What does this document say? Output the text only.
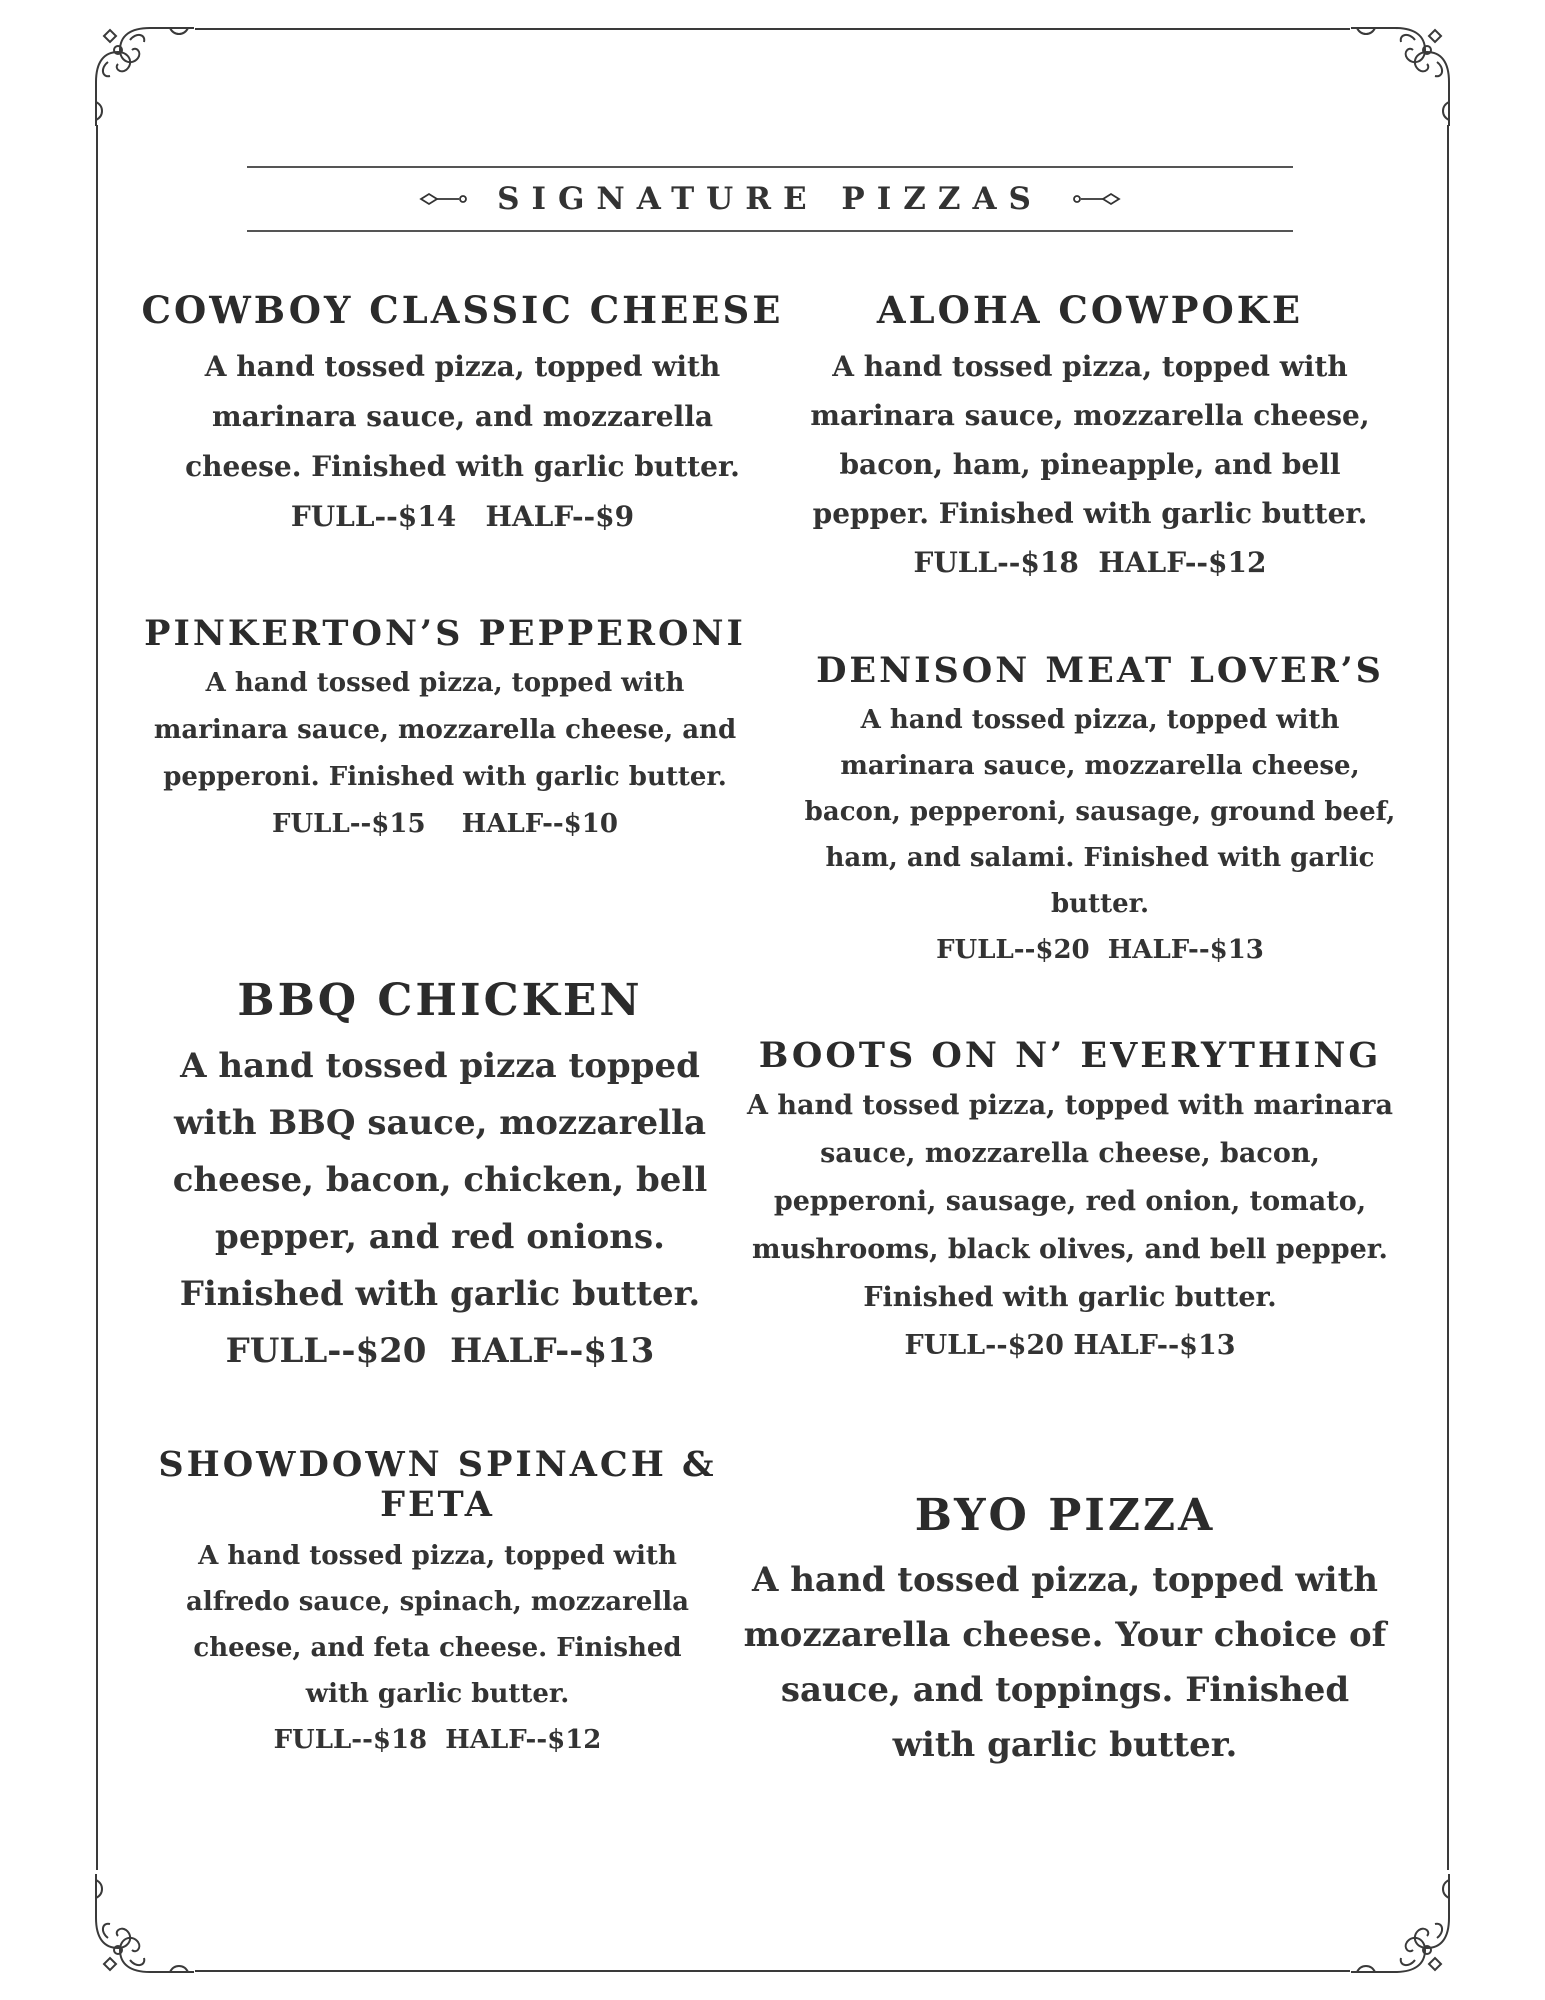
SIGNATURE PIZZAS
COWBOY CLASSIC CHEESE
A hand tossed pizza, topped with marinara sauce, and mozzarella cheese. Finished with garlic butter.
FULL--$14   HALF--$9
ALOHA COWPOKE
A hand tossed pizza, topped with marinara sauce, mozzarella cheese, bacon, ham, pineapple, and bell pepper. Finished with garlic butter.
FULL--$18  HALF--$12
PINKERTON’S PEPPERONI
A hand tossed pizza, topped with marinara sauce, mozzarella cheese, and pepperoni. Finished with garlic butter.
FULL--$15    HALF--$10
DENISON MEAT LOVER’S
A hand tossed pizza, topped with marinara sauce, mozzarella cheese, bacon, pepperoni, sausage, ground beef, ham, and salami. Finished with garlic butter.
FULL--$20  HALF--$13
BBQ CHICKEN
A hand tossed pizza topped with BBQ sauce, mozzarella cheese, bacon, chicken, bell pepper, and red onions. Finished with garlic butter.
FULL--$20  HALF--$13
BOOTS ON N’ EVERYTHING
A hand tossed pizza, topped with marinara sauce, mozzarella cheese, bacon, pepperoni, sausage, red onion, tomato, mushrooms, black olives, and bell pepper. Finished with garlic butter.
FULL--$20 HALF--$13
SHOWDOWN SPINACH & FETA
A hand tossed pizza, topped with alfredo sauce, spinach, mozzarella cheese, and feta cheese. Finished with garlic butter.
FULL--$18  HALF--$12
BYO PIZZA
A hand tossed pizza, topped with mozzarella cheese. Your choice of sauce, and toppings. Finished with garlic butter.
